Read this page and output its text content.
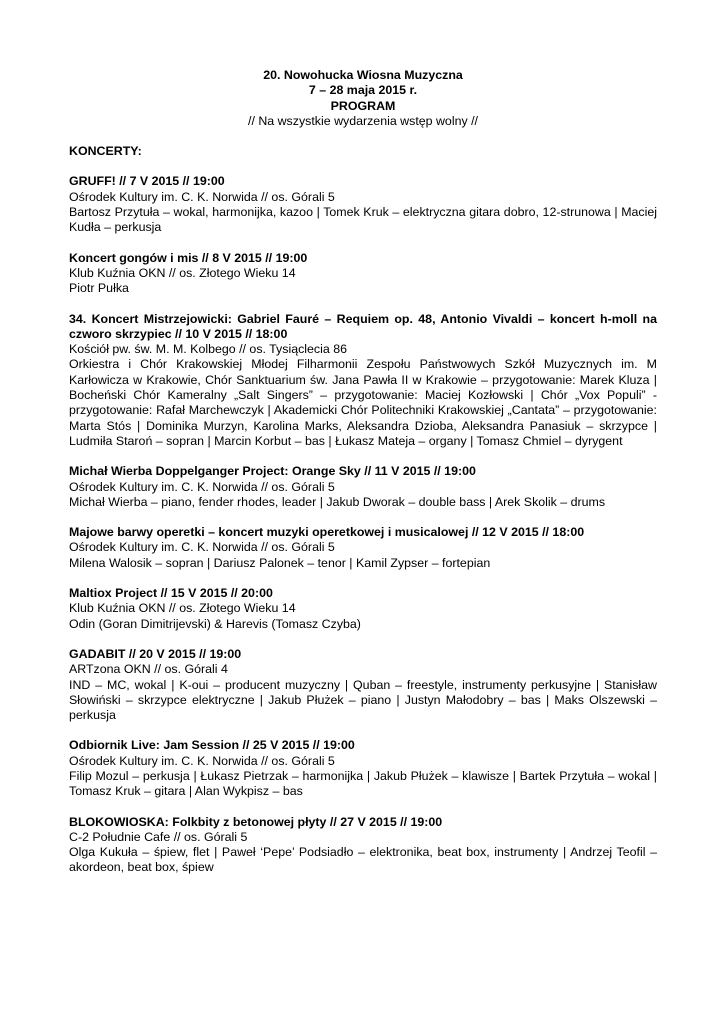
20. Nowohucka Wiosna Muzyczna
7 – 28 maja 2015 r.
PROGRAM
// Na wszystkie wydarzenia wstęp wolny //
KONCERTY:
GRUFF! // 7 V 2015 // 19:00
Ośrodek Kultury im. C. K. Norwida // os. Górali 5
Bartosz Przytuła – wokal, harmonijka, kazoo | Tomek Kruk – elektryczna gitara dobro, 12-strunowa | Maciej Kudła – perkusja
Koncert gongów i mis // 8 V 2015 // 19:00
Klub Kuźnia OKN // os. Złotego Wieku 14
Piotr Pułka
34. Koncert Mistrzejowicki: Gabriel Fauré – Requiem op. 48, Antonio Vivaldi – koncert h-moll na czworo skrzypiec // 10 V 2015 // 18:00
Kościół pw. św. M. M. Kolbego // os. Tysiąclecia 86
Orkiestra i Chór Krakowskiej Młodej Filharmonii Zespołu Państwowych Szkół Muzycznych im. M Karłowicza w Krakowie, Chór Sanktuarium św. Jana Pawła II w Krakowie – przygotowanie: Marek Kluza | Bocheński Chór Kameralny „Salt Singers” – przygotowanie: Maciej Kozłowski | Chór „Vox Populi” - przygotowanie: Rafał Marchewczyk | Akademicki Chór Politechniki Krakowskiej „Cantata” – przygotowanie: Marta Stós | Dominika Murzyn, Karolina Marks, Aleksandra Dzioba, Aleksandra Panasiuk – skrzypce | Ludmiła Staroń – sopran | Marcin Korbut – bas | Łukasz Mateja – organy | Tomasz Chmiel – dyrygent
Michał Wierba Doppelganger Project: Orange Sky // 11 V 2015 // 19:00
Ośrodek Kultury im. C. K. Norwida // os. Górali 5
Michał Wierba – piano, fender rhodes, leader | Jakub Dworak – double bass | Arek Skolik – drums
Majowe barwy operetki – koncert muzyki operetkowej i musicalowej // 12 V 2015 // 18:00
Ośrodek Kultury im. C. K. Norwida // os. Górali 5
Milena Walosik – sopran | Dariusz Palonek – tenor | Kamil Zypser – fortepian
Maltiox Project // 15 V 2015 // 20:00
Klub Kuźnia OKN // os. Złotego Wieku 14
Odin (Goran Dimitrijevski) & Harevis (Tomasz Czyba)
GADABIT // 20 V 2015 // 19:00
ARTzona OKN // os. Górali 4
IND – MC, wokal | K-oui – producent muzyczny | Quban – freestyle, instrumenty perkusyjne | Stanisław Słowiński – skrzypce elektryczne | Jakub Płużek – piano | Justyn Małodobry – bas | Maks Olszewski – perkusja
Odbiornik Live: Jam Session // 25 V 2015 // 19:00
Ośrodek Kultury im. C. K. Norwida // os. Górali 5
Filip Mozul – perkusja | Łukasz Pietrzak – harmonijka | Jakub Płużek – klawisze | Bartek Przytuła – wokal | Tomasz Kruk – gitara | Alan Wykpisz – bas
BLOKOWIOSKA: Folkbity z betonowej płyty // 27 V 2015 // 19:00
C-2 Południe Cafe // os. Górali 5
Olga Kukuła – śpiew, flet | Paweł ‘Pepe’ Podsiadło – elektronika, beat box, instrumenty | Andrzej Teofil – akordeon, beat box, śpiew
